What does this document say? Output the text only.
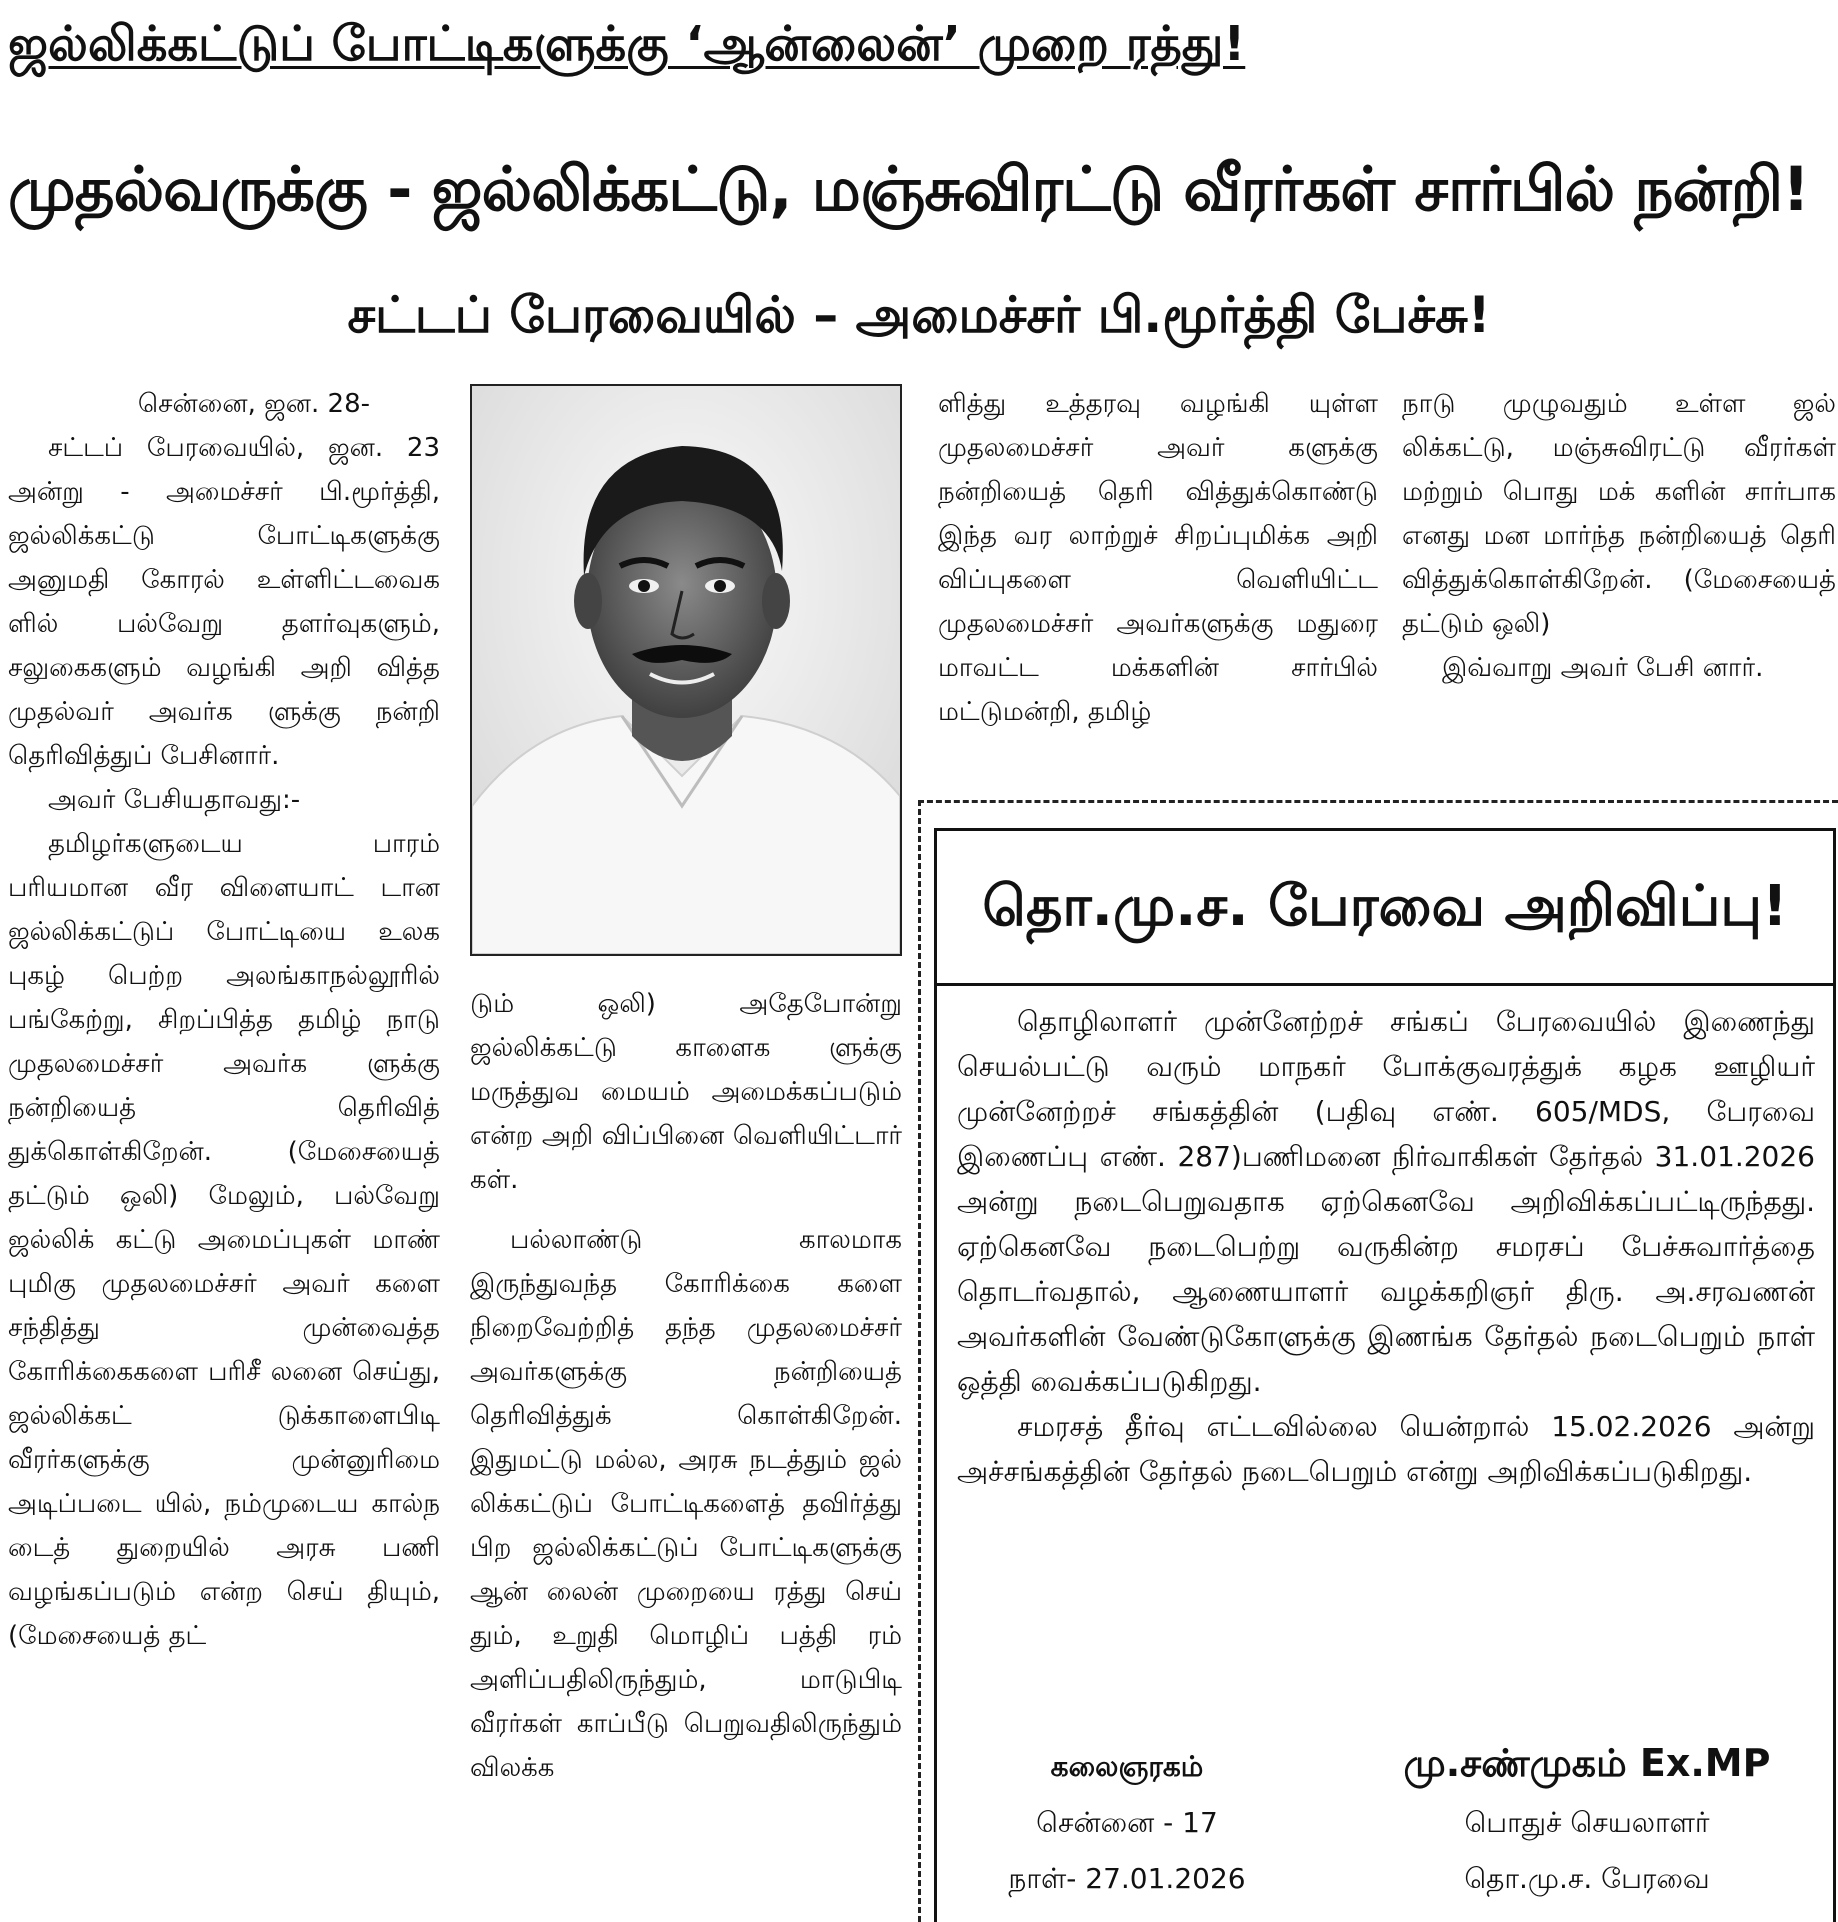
ஜல்லிக்கட்டுப் போட்டிகளுக்கு ‘ஆன்லைன்’ முறை ரத்து!
முதல்வருக்கு - ஜல்லிக்கட்டு, மஞ்சுவிரட்டு வீரர்கள் சார்பில் நன்றி!
சட்டப் பேரவையில் – அமைச்சர் பி.மூர்த்தி பேச்சு!

சென்னை, ஜன. 28-

சட்டப் பேரவையில், ஜன. 23 அன்று - அமைச்சர் பி.மூர்த்தி, ஜல்லிக்கட்டு போட்டிகளுக்கு அனுமதி கோரல் உள்ளிட்டவைக ளில் பல்வேறு தளர்வுகளும், சலுகைகளும் வழங்கி அறி வித்த முதல்வர் அவர்க ளுக்கு நன்றி தெரிவித்துப் பேசினார்.

அவர் பேசியதாவது:-

தமிழர்களுடைய பாரம் பரியமான வீர விளையாட் டான ஜல்லிக்கட்டுப் போட்டியை உலக புகழ் பெற்ற அலங்காநல்லூரில் பங்கேற்று, சிறப்பித்த தமிழ் நாடு முதலமைச்சர் அவர்க ளுக்கு நன்றியைத் தெரிவித் துக்கொள்கிறேன். (மேசையைத் தட்டும் ஒலி) மேலும், பல்வேறு ஜல்லிக் கட்டு அமைப்புகள் மாண் புமிகு முதலமைச்சர் அவர் களை சந்தித்து முன்வைத்த கோரிக்கைகளை பரிசீ லனை செய்து, ஜல்லிக்கட் டுக்காளைபிடி வீரர்களுக்கு முன்னுரிமை அடிப்படை யில், நம்முடைய கால்ந டைத் துறையில் அரசு பணி வழங்கப்படும் என்ற செய் தியும், (மேசையைத் தட்

டும் ஒலி) அதேபோன்று ஜல்லிக்கட்டு காளைக ளுக்கு மருத்துவ மையம் அமைக்கப்படும் என்ற அறி விப்பினை வெளியிட்டார் கள்.

பல்லாண்டு காலமாக இருந்துவந்த கோரிக்கை களை நிறைவேற்றித் தந்த முதலமைச்சர் அவர்களுக்கு நன்றியைத் தெரிவித்துக் கொள்கிறேன். இதுமட்டு மல்ல, அரசு நடத்தும் ஜல் லிக்கட்டுப் போட்டிகளைத் தவிர்த்து பிற ஜல்லிக்கட்டுப் போட்டிகளுக்கு ஆன் லைன் முறையை ரத்து செய் தும், உறுதி மொழிப் பத்தி ரம் அளிப்பதிலிருந்தும், மாடுபிடி வீரர்கள் காப்பீடு பெறுவதிலிருந்தும் விலக்க

ளித்து உத்தரவு வழங்கி யுள்ள முதலமைச்சர் அவர் களுக்கு நன்றியைத் தெரி வித்துக்கொண்டு இந்த வர லாற்றுச் சிறப்புமிக்க அறி விப்புகளை வெளியிட்ட முதலமைச்சர் அவர்களுக்கு மதுரை மாவட்ட மக்களின் சார்பில் மட்டுமன்றி, தமிழ்

நாடு முழுவதும் உள்ள ஜல் லிக்கட்டு, மஞ்சுவிரட்டு வீரர்கள் மற்றும் பொது மக் களின் சார்பாக எனது மன மார்ந்த நன்றியைத் தெரி வித்துக்கொள்கிறேன். (மேசையைத் தட்டும் ஒலி)

இவ்வாறு அவர் பேசி னார்.

தொ.மு.ச. பேரவை அறிவிப்பு!

தொழிலாளர் முன்னேற்றச் சங்கப் பேரவையில் இணைந்து செயல்பட்டு வரும் மாநகர் போக்குவரத்துக் கழக ஊழியர் முன்னேற்றச் சங்கத்தின் (பதிவு எண். 605/MDS, பேரவை இணைப்பு எண். 287)பணிமனை நிர்வாகிகள் தேர்தல் 31.01.2026 அன்று நடைபெறுவதாக ஏற்கெனவே அறிவிக்கப்பட்டிருந்தது. ஏற்கெனவே நடைபெற்று வருகின்ற சமரசப் பேச்சுவார்த்தை தொடர்வதால், ஆணையாளர் வழக்கறிஞர் திரு. அ.சரவணன் அவர்களின் வேண்டுகோளுக்கு இணங்க தேர்தல் நடைபெறும் நாள் ஒத்தி வைக்கப்படுகிறது.

சமரசத் தீர்வு எட்டவில்லை யென்றால் 15.02.2026 அன்று அச்சங்கத்தின் தேர்தல் நடைபெறும் என்று அறிவிக்கப்படுகிறது.

கலைஞரகம்
சென்னை - 17
நாள்- 27.01.2026
மு.சண்முகம் Ex.MP
பொதுச் செயலாளர்
தொ.மு.ச. பேரவை
